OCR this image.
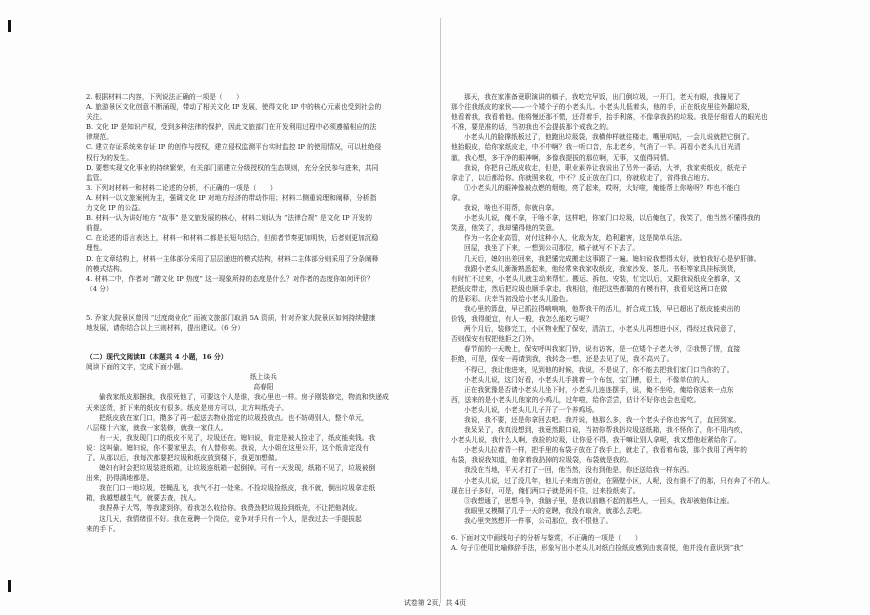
2. 根据材料二内容，下列说法正确的一项是（　　）
A. 旅游景区文化创意不断涌现，带动了相关文化 IP 发展，使得文化 IP 中的核心元素也受到社会的
关注。
B. 文化 IP 是知识产权，受到多种法律的保护，因此文旅部门在开发利用过程中必须遵循相应的法
律规范。
C. 建立存证系统来存证 IP 的创作与授权，建立侵权监测平台实时监控 IP 的使用情况，可以杜绝侵
权行为的发生。
D. 要想实现文化事业的持续繁荣，有关部门需建立分级授权的生态规则，充分全民参与进来，共同
监管。
3. 下列对材料一和材料二论述的分析，不正确的一项是（　　）
A. 材料一以文旅案例为主，强调文化 IP 对地方经济的带动作用；材料二侧重说理和阐释，分析指
力文化 IP 的公益。
B. 材料一认为讲好地方 “故事” 是文旅发展的核心，材料二则认为 “法律合规” 是文化 IP 开发的
前提。
C. 在论述的语言表达上，材料一和材料二都是长短句结合，但前者节奏更加明快，后者则更加沉稳
理性。
D. 在文章结构上，材料一主体部分采用了层层递进的模式结构，材料二主体部分则采用了分条阐释
的模式结构。
4. 材料二中，作者对 “蹭文化 IP 热度” 这一现象所持的态度是什么？对作者的态度你如何评价？
（4 分）
5. 乔家大院景区曾因 “过度商业化” 而被文旅部门取消 5A 资质，针对乔家大院景区如何持续健康
地发展，请你结合以上三则材料，提出建议。（6 分）
（二）现代文阅读Ⅱ（本题共 4 小题，16 分）
阅读下面的文字，完成下面小题。
纸上谈兵
高春阳
偷我家纸皮那捆我，我很死他了，可要这个人是谁，我心里也一样。房子刚装修完，物流和快递成
天来送货，折下来的纸皮有很多。纸皮是房方可以，北方叫纸壳子。
把纸皮放在家门口，攒多了再一起送去物业指定的垃圾投放点。也不妨碍别人，整个单元，
八层楼十六家，就我一家装修，就我一家住人。
有一天，我发现门口的纸皮不见了，垃圾还在。媳妇说，肯定是被人捡走了，纸皮能卖钱。我
说：这叫偷。媳妇说，你不要家里去，有人替你卖。我说，大小姐在这里公开，这个纸肯定没有
了。从那以后，我每次都要把垃圾和纸皮放到楼下，我更加想做。
媳妇有时会把垃圾装进纸箱，让垃圾连纸箱一起倒掉。可有一天发现，纸箱不见了，垃圾被倒
出来，扔得满地都是。
我在门口一地垃圾，苍蝇乱飞，我气不打一处来。不捡垃圾捡纸皮，我不就，倒出垃圾拿走纸
箱，我越想越生气，就要去查，找人。
我捏鼻子大骂，等我逮到你，看我怎么收拾你。我费劲把垃圾捡到纸壳，不让把他剥皮。
这几天，我情绪很不好。我在竟聘一个岗位，竞争对手只有一个人，是我过去一手提拔起
来的手下。
那天，我在家准备竟职演讲的稿子，我吃完早饭，出门倒垃圾，一开门，老天有眼，我撞见了
那个往我纸皮的家伙——一个矮个子的小老头儿。小老头儿低着头，他的手，正在纸皮里往外翻垃圾，
他看着我，我看着他。他将慢还那不慌，还背着手，抬手利落，不像拿我扔的垃圾。我是仔细看人的眼光也
不准，要是准的话，当初我也不会提拔那个戒我之的。
小老头儿的脸撑纸板过了，他跑出垃圾袋，我横伸样就往楼走，嘴里叨咕，一会儿说就把它倒了。
他抬眼皮，给你家纸皮走，中不中啊？我一听口音，东北老乡，气消了一半。再看小老头儿目光清
澈，我心想，多干净的眼神啊，多像我提拔的那位啊，无事，又值得同情。
我说，你把自己纸皮收走，但是，职业素养让我说出了另外一番话，大爷，我家卖纸皮，纸壳子
拿走了，以后都给你。你就照来收，中不？反正放在门口，你就收走了，省得我占地方。
①小老头儿的眼神像被点燃的烟炮，亮了起来，哎呀，大好啦，俺能帮上你啥呀？咋也不能白
拿。
我说，啥也不用帮，你就自拿。
小老头儿说，俺不拿，干啥不拿，这样吧，你家门口垃圾，以后俺包了，我笑了，他当然不懂得我的
笑意，他笑了，我却懂得他的笑意。
作为一名企业高管，对付这种小人，化敌为友，趋利避害，这是简单兵法。
回屋，我坐了下来，一想到公司那位，稿子就写不下去了。
几天后，媳妇出差回来，我把懂完成搬走这事跟了一遍。媳妇说我想得太好，就怕我好心是驴肝肺。
我跟小老头儿渐渐熟悉起来，他经常来我家收纸皮，我家沙发、茶几、书柜等家具挂标到货，
有时忙不过来，小老头儿就主动来帮忙。搬运、拆包、安装，忙完以后，又跟我说纸皮全都拿，又
把纸皮带走，然后把垃圾也顺手拿走。我相信，他把这些都做的有模有样，我看见这两口在做
的是彩彩。庆幸当初没给小老头儿脸色。
我心里的算盘，早已抓拉得响响响，他帮我干的活儿，折合成工钱，早已超出了纸皮能卖出的
价钱，我得便宜，有人一般，我怎么能吃亏呢？
两个月后，装修完工，小区物业配了保安，清洁工，小老头儿再想进小区，得经过我同意了，
否则保安有权把他拒之门外。
春节前的一天晚上，保安呼叫我家门铃，说有访客，是一位矮个子老大爷，②我愣了愣，直接
拒绝，可是，保安一再请到我，我转念一想，还是去见了见，我不高兴了。
不得已，我让他进来，见到他的时候，我说，不是说了，你不能去把我们家门口当你的了。
小老头儿说，这门好看，小老头儿手挑着一个布包，宝门槽，很土，不像单位的人。
正在我犹豫是否请小老头儿坐下时，小老头儿连连摆手，说，俺不坐哈，俺给你送来一点东
西，送来的是小老头儿他家的小鸡儿，过年啦，给你尝尝，估计不好你也会也爱吃。
小老头儿说，小老头儿儿子开了一个养鸡场。
我说，我不要，还是你拿回去吧。我并说，他那么多，我一个老头子你也客气了，直回到家。
我呆呆了，我真没想到，我竟然跟口说，当初你帮我扔垃圾送纸箱，我不怪你了，你不用内疚，
小老头儿说，我什么人啊，我捡的垃圾，让你爱不得，我干嘛让别人拿呢，我又想他赶紧给你了。
小老头儿拉着背一样，把手里的布袋子放在了我手上，就走了，我看着布袋，那个我用了两年的
布袋，我说我知道，他拿着我扔掉的垃圾袋，布袋就是我的。
我没在当地，平天才打了一回，他当然，没有到他是，你还送给我一样东西。
小老头儿说，过了没几年，他儿子来南方创业，在隔壁小区，人呢，没有谁不了的那，只有奔了不的人。
现在日子多好，可是，俺们两口子就是闲不住，过来捡纸卖了。
③我想通了，思想斗争，我脑子里，是我以前瞧不起的那些人，一回头，我却被他体让座。
我眼里又模糊了几乎一天的竞聘，我没有取舍，就那么去吧。
我心里突然想开一件事，公司那位，我不恨他了。
6. 下面对文中画线句子的分析与鉴赏，不正确的一项是（　　）
A. 句子①使用比喻修辞手法，形象写出小老头儿对纸白捡纸皮感到由衷喜悦，他并没有意识到“我”
试卷第 2页，共 4页
